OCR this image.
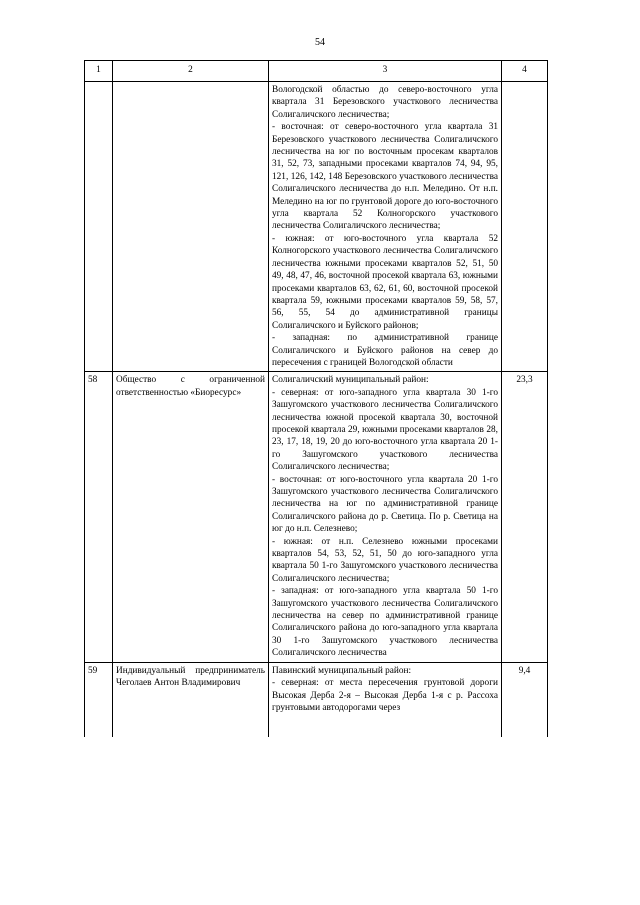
54
1	2	3	4

		Вологодской областью до северо-восточного угла квартала 31 Березовского участкового лесничества Солигаличского лесничества;
- восточная: от северо-восточного угла квартала 31 Березовского участкового лесничества Солигаличского лесничества на юг по восточным просекам кварталов 31, 52, 73, западными просеками кварталов 74, 94, 95, 121, 126, 142, 148 Березовского участкового лесничества Солигаличского лесничества до н.п. Меледино. От н.п. Меледино на юг по грунтовой дороге до юго-восточного угла квартала 52 Колногорского участкового лесничества Солигаличского лесничества;
- южная: от юго-восточного угла квартала 52 Колногорского участкового лесничества Солигаличского лесничества южными просеками кварталов 52, 51, 50 49, 48, 47, 46, восточной просекой квартала 63, южными просеками кварталов 63, 62, 61, 60, восточной просекой квартала 59, южными просеками кварталов 59, 58, 57, 56, 55, 54 до административной границы Солигаличского и Буйского районов;
- западная: по административной границе Солигаличского и Буйского районов на север до пересечения с границей Вологодской области	

58	Общество с ограниченной ответственностью «Биоресурс»	Солигаличский муниципальный район:
- северная: от юго-западного угла квартала 30 1-го Зашугомского участкового лесничества Солигаличского лесничества южной просекой квартала 30, восточной просекой квартала 29, южными просеками кварталов 28, 23, 17, 18, 19, 20 до юго-восточного угла квартала 20 1-го Зашугомского участкового лесничества Солигаличского лесничества;
- восточная: от юго-восточного угла квартала 20 1-го Зашугомского участкового лесничества Солигаличского лесничества на юг по административной границе Солигаличского района до р. Светица. По р. Светица на юг до н.п. Селезнево;
- южная: от н.п. Селезнево южными просеками кварталов 54, 53, 52, 51, 50 до юго-западного угла квартала 50 1-го Зашугомского участкового лесничества Солигаличского лесничества;
- западная: от юго-западного угла квартала 50 1-го Зашугомского участкового лесничества Солигаличского лесничества на север по административной границе Солигаличского района до юго-западного угла квартала 30 1-го Зашугомского участкового лесничества Солигаличского лесничества	23,3
59	Индивидуальный предприниматель Чеголаев Антон Владимирович	Павинский муниципальный район:
- северная: от места пересечения грунтовой дороги Высокая Дерба 2-я – Высокая Дерба 1-я с р. Рассоха грунтовыми автодорогами через	9,4
